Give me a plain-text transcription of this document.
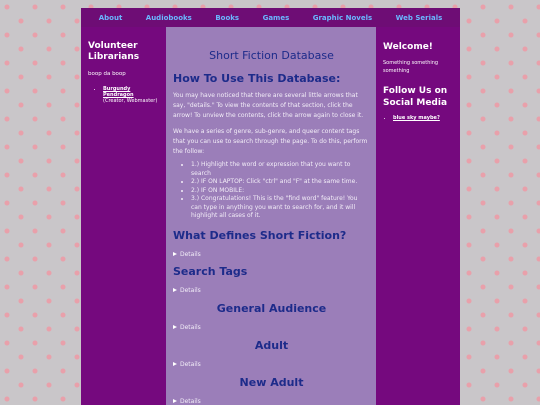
About	Audiobooks	Books	Games	Graphic Novels	Web Serials
Volunteer Librarians

boop da boop

• Burgundy Pendragon
(Creator, Webmaster)
Short Fiction Database
How To Use This Database:

You may have noticed that there are several little arrows that say, "details." To view the contents of that section, click the arrow! To unview the contents, click the arrow again to close it.

We have a series of genre, sub-genre, and queer content tags that you can use to search through the page. To do this, perform the follow:

• 1.) Highlight the word or expression that you want to search
• 2.) IF ON LAPTOP: Click "ctrl" and "F" at the same time.
• 2.) IF ON MOBILE:
• 3.) Congratulations! This is the "find word" feature! You can type in anything you want to search for, and it will highlight all cases of it.
What Defines Short Fiction?
Details
Search Tags
Details
General Audience
Details
Adult
Details
New Adult
Details
Welcome!

Something something something

Follow Us on Social Media
• blue sky maybe?
